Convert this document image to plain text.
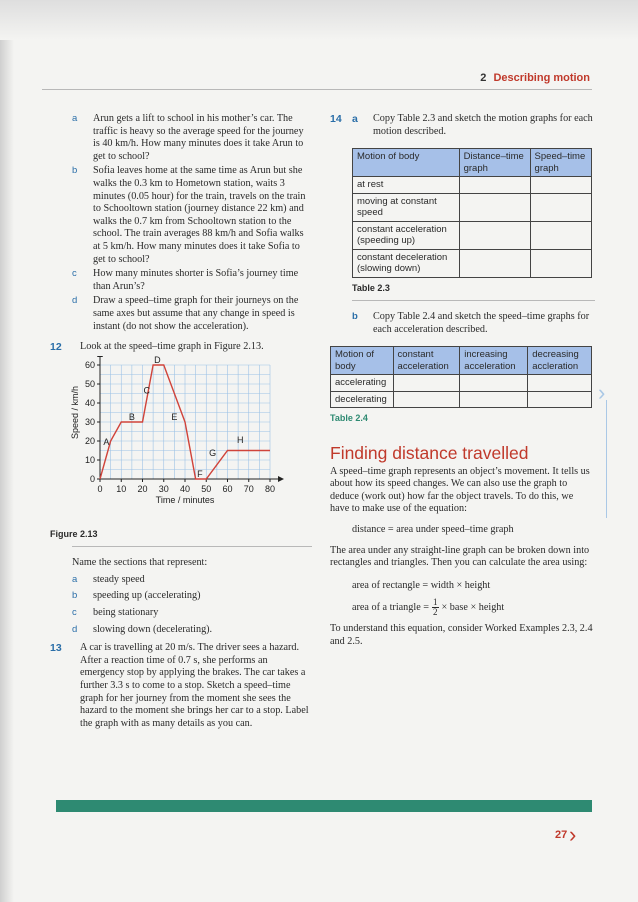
2 Describing motion
a Arun gets a lift to school in his mother’s car. The traffic is heavy so the average speed for the journey is 40 km/h. How many minutes does it take Arun to get to school?
b Sofia leaves home at the same time as Arun but she walks the 0.3 km to Hometown station, waits 3 minutes (0.05 hour) for the train, travels on the train to Schooltown station (journey distance 22 km) and walks the 0.7 km from Schooltown station to the school. The train averages 88 km/h and Sofia walks at 5 km/h. How many minutes does it take Sofia to get to school?
c How many minutes shorter is Sofia’s journey time than Arun’s?
d Draw a speed–time graph for their journeys on the same axes but assume that any change in speed is instant (do not show the acceleration).
12 Look at the speed–time graph in Figure 2.13.
0 10 20 30 40 50 60 70 80
0
10
20
30
40
50
60
Time / minutes
Speed / km/h
A
B
C
D
E
F
G
H
Figure 2.13
Name the sections that represent:
a steady speed
b speeding up (accelerating)
c being stationary
d slowing down (decelerating).
13 A car is travelling at 20 m/s. The driver sees a hazard. After a reaction time of 0.7 s, she performs an emergency stop by applying the brakes. The car takes a further 3.3 s to come to a stop. Sketch a speed–time graph for her journey from the moment she sees the hazard to the moment she brings her car to a stop. Label the graph with as many details as you can.
14 a Copy Table 2.3 and sketch the motion graphs for each motion described.
Motion of body	Distance–time graph	Speed–time graph
at rest		
moving at constant speed		
constant acceleration (speeding up)		
constant deceleration (slowing down)		
Table 2.3
b Copy Table 2.4 and sketch the speed–time graphs for each acceleration described.
Motion of body	constant acceleration	increasing acceleration	decreasing accleration
accelerating			
decelerating			
Table 2.4
Finding distance travelled
A speed–time graph represents an object’s movement. It tells us about how its speed changes. We can also use the graph to deduce (work out) how far the object travels. To do this, we have to make use of the equation:
distance = area under speed–time graph
The area under any straight-line graph can be broken down into rectangles and triangles. Then you can calculate the area using:
area of rectangle = width × height
area of a triangle = $\frac{1}{2}$ × base × height
To understand this equation, consider Worked Examples 2.3, 2.4 and 2.5.
›
27 ›
